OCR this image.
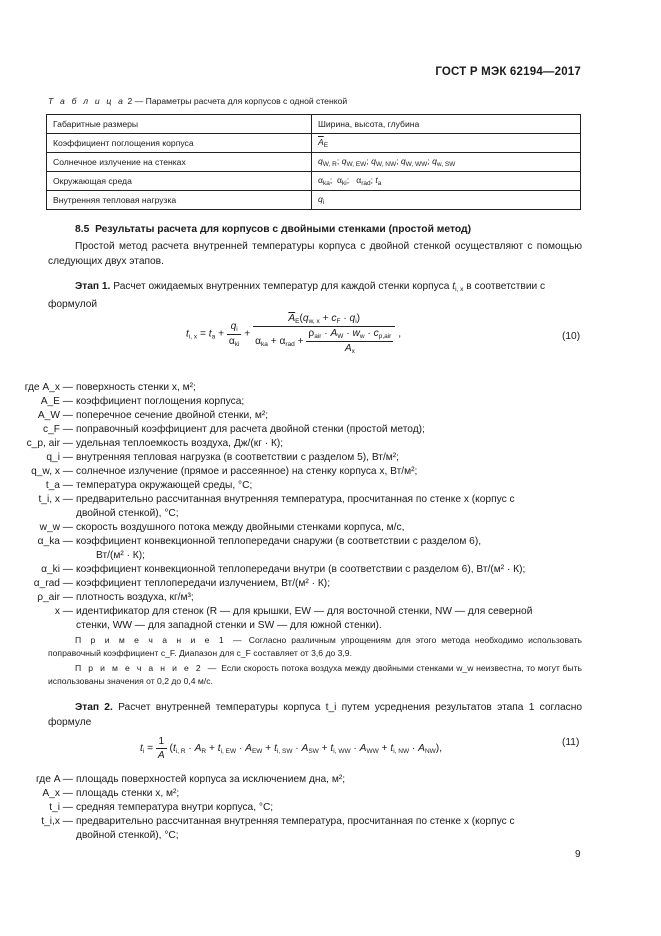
ГОСТ Р МЭК 62194—2017
Т а б л и ц а 2 — Параметры расчета для корпусов с одной стенкой
Габаритные размеры	Ширина, высота, глубина
Коэффициент поглощения корпуса	$\overline{A}_E$
Солнечное излучение на стенках	$q_{W, R}$; $q_{W, EW}$; $q_{W, NW}$; $q_{W, WW}$; $q_{w, SW}$
Окружающая среда	$\alpha_{ka}$;  $\alpha_{ki}$;   $\alpha_{rad}$; $t_a$
Внутренняя тепловая нагрузка	$q_i$
8.5 Результаты расчета для корпусов с двойными стенками (простой метод)
Простой метод расчета внутренней температуры корпуса с двойной стенкой осуществляют с помощью следующих двух этапов.
Этап 1. Расчет ожидаемых внутренних температур для каждой стенки корпуса $t_{i, x}$ в соответствии с формулой
$t_{i, x} = t_a + \frac{q_i}{\alpha_{ki}} + \frac{\overline{A}_E(q_{w, x} + c_F \cdot q_i)}{\alpha_{ka} + \alpha_{rad} + \frac{\rho_{air} \cdot A_W \cdot w_w \cdot c_{p,air}}{A_x}}$ ,	(10)
где A_x — поверхность стенки x, м²;
A_E — коэффициент поглощения корпуса;
A_W — поперечное сечение двойной стенки, м²;
c_F — поправочный коэффициент для расчета двойной стенки (простой метод);
c_p, air — удельная теплоемкость воздуха, Дж/(кг · К);
q_i — внутренняя тепловая нагрузка (в соответствии с разделом 5), Вт/м²;
q_w, x — солнечное излучение (прямое и рассеянное) на стенку корпуса x, Вт/м²;
t_a — температура окружающей среды, °С;
t_i, x — предварительно рассчитанная внутренняя температура, просчитанная по стенке x (корпус с
двойной стенкой), °С;
w_w — скорость воздушного потока между двойными стенками корпуса, м/с,
α_ka — коэффициент конвекционной теплопередачи снаружи (в соответствии с разделом 6),
Вт/(м² · К);
α_ki — коэффициент конвекционной теплопередачи внутри (в соответствии с разделом 6), Вт/(м² · К);
α_rad — коэффициент теплопередачи излучением, Вт/(м² · К);
ρ_air — плотность воздуха, кг/м³;
x — идентификатор для стенок (R — для крышки, EW — для восточной стенки, NW — для северной
стенки, WW — для западной стенки и SW — для южной стенки).
П р и м е ч а н и е 1 — Согласно различным упрощениям для этого метода необходимо использовать поправочный коэффициент c_F. Диапазон для c_F составляет от 3,6 до 3,9.
П р и м е ч а н и е 2 — Если скорость потока воздуха между двойными стенками w_w неизвестна, то могут быть использованы значения от 0,2 до 0,4 м/с.
Этап 2. Расчет внутренней температуры корпуса t_i путем усреднения результатов этапа 1 согласно формуле
$t_i = \frac{1}{A} (t_{i, R} \cdot A_R + t_{i, EW} \cdot A_{EW} + t_{i, SW} \cdot A_{SW} + t_{i, WW} \cdot A_{WW} + t_{i, NW} \cdot A_{NW})$,
(11)
где A — площадь поверхностей корпуса за исключением дна, м²;
A_x — площадь стенки x, м²;
t_i — средняя температура внутри корпуса, °С;
t_i,x — предварительно рассчитанная внутренняя температура, просчитанная по стенке x (корпус с
двойной стенкой), °С;
9
